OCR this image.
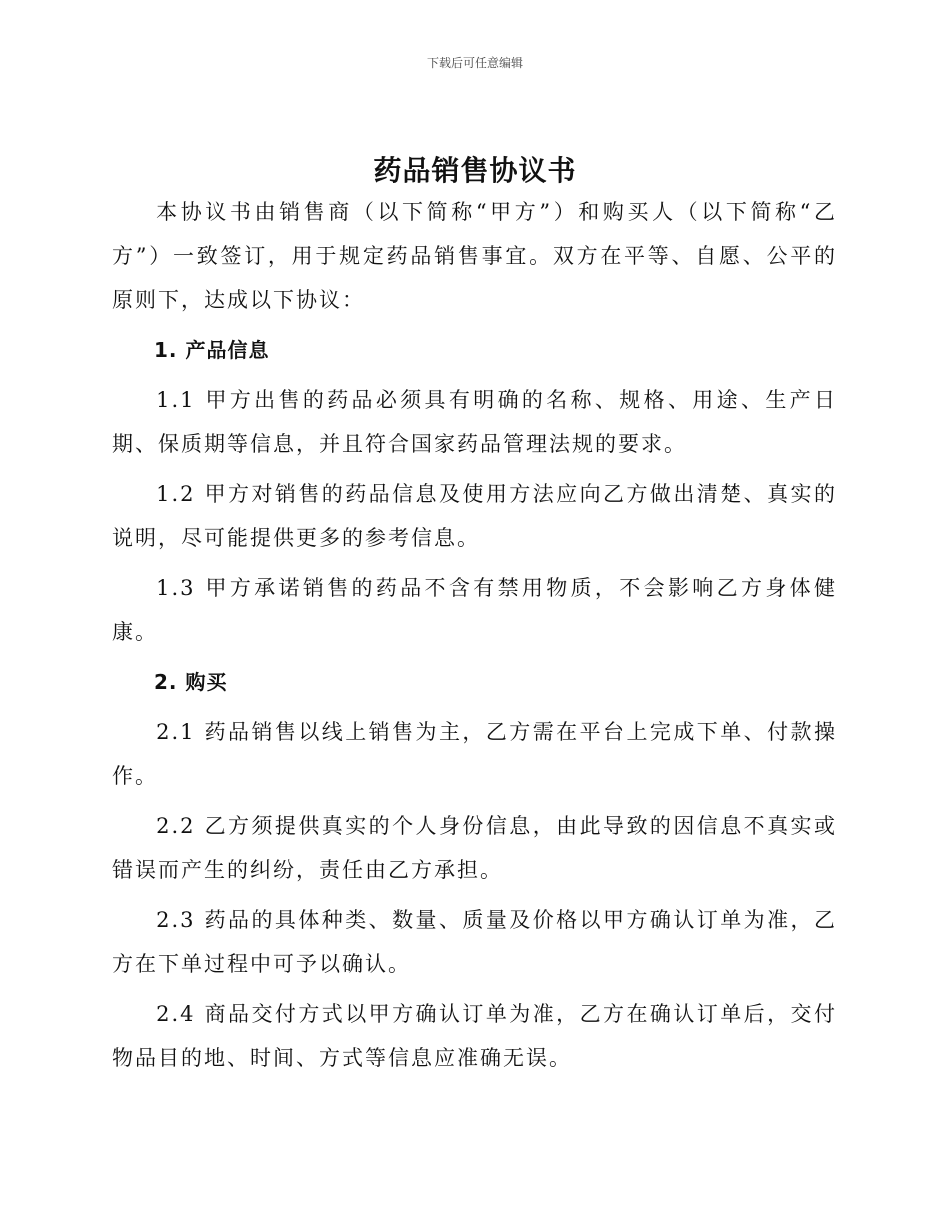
下载后可任意编辑
药品销售协议书

本协议书由销售商（以下简称“甲方”）和购买人（以下简称“乙方”）一致签订，用于规定药品销售事宜。双方在平等、自愿、公平的原则下，达成以下协议：

1. 产品信息

1.1 甲方出售的药品必须具有明确的名称、规格、用途、生产日期、保质期等信息，并且符合国家药品管理法规的要求。

1.2 甲方对销售的药品信息及使用方法应向乙方做出清楚、真实的说明，尽可能提供更多的参考信息。

1.3 甲方承诺销售的药品不含有禁用物质，不会影响乙方身体健康。

2. 购买

2.1 药品销售以线上销售为主，乙方需在平台上完成下单、付款操作。

2.2 乙方须提供真实的个人身份信息，由此导致的因信息不真实或错误而产生的纠纷，责任由乙方承担。

2.3 药品的具体种类、数量、质量及价格以甲方确认订单为准，乙方在下单过程中可予以确认。

2.4 商品交付方式以甲方确认订单为准，乙方在确认订单后，交付物品目的地、时间、方式等信息应准确无误。
